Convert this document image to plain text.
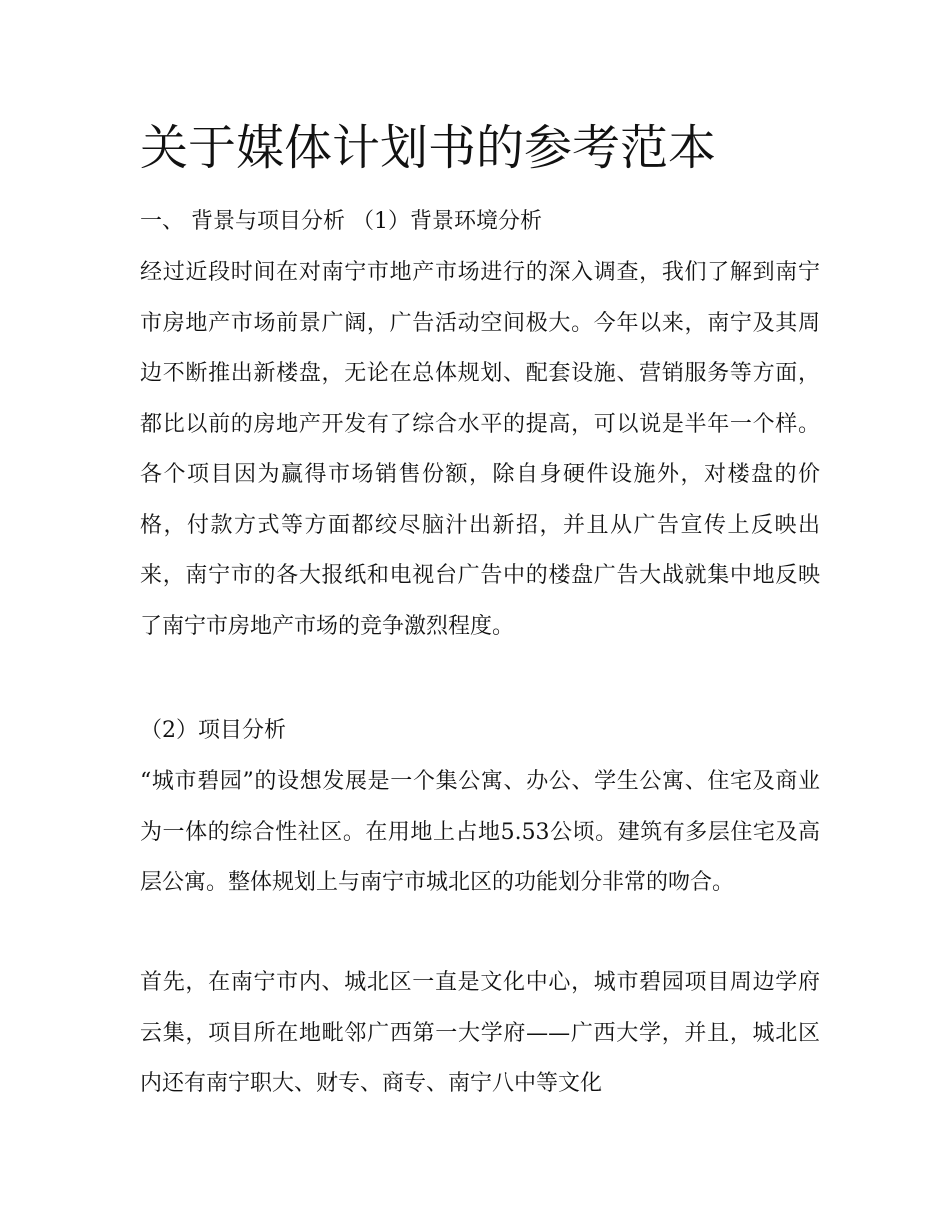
关于媒体计划书的参考范本

一、 背景与项目分析 （1）背景环境分析

经过近段时间在对南宁市地产市场进行的深入调查，我们了解到南宁市房地产市场前景广阔，广告活动空间极大。今年以来，南宁及其周边不断推出新楼盘，无论在总体规划、配套设施、营销服务等方面，都比以前的房地产开发有了综合水平的提高，可以说是半年一个样。各个项目因为赢得市场销售份额，除自身硬件设施外，对楼盘的价格，付款方式等方面都绞尽脑汁出新招，并且从广告宣传上反映出来，南宁市的各大报纸和电视台广告中的楼盘广告大战就集中地反映了南宁市房地产市场的竞争激烈程度。

（2）项目分析

“城市碧园”的设想发展是一个集公寓、办公、学生公寓、住宅及商业为一体的综合性社区。在用地上占地5.53公顷。建筑有多层住宅及高层公寓。整体规划上与南宁市城北区的功能划分非常的吻合。

首先，在南宁市内、城北区一直是文化中心，城市碧园项目周边学府云集，项目所在地毗邻广西第一大学府——广西大学，并且，城北区内还有南宁职大、财专、商专、南宁八中等文化
